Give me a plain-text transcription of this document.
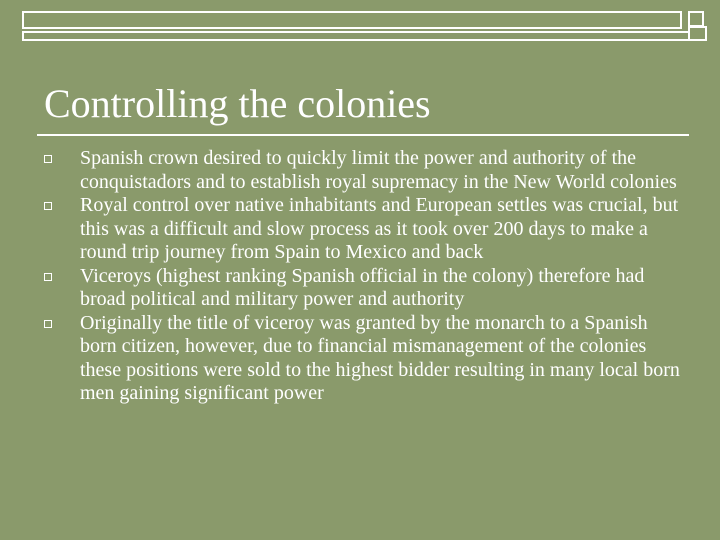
Controlling the colonies
Spanish crown desired to quickly limit the power and authority of the conquistadors and to establish royal supremacy in the New World colonies
Royal control over native inhabitants and European settles was crucial, but this was a difficult and slow process as it took over 200 days to make a round trip journey from Spain to Mexico and back
Viceroys (highest ranking Spanish official in the colony) therefore had broad political and military power and authority
Originally the title of viceroy was granted by the monarch to a Spanish born citizen, however, due to financial mismanagement of the colonies these positions were sold to the highest bidder resulting in many local born men gaining significant power
